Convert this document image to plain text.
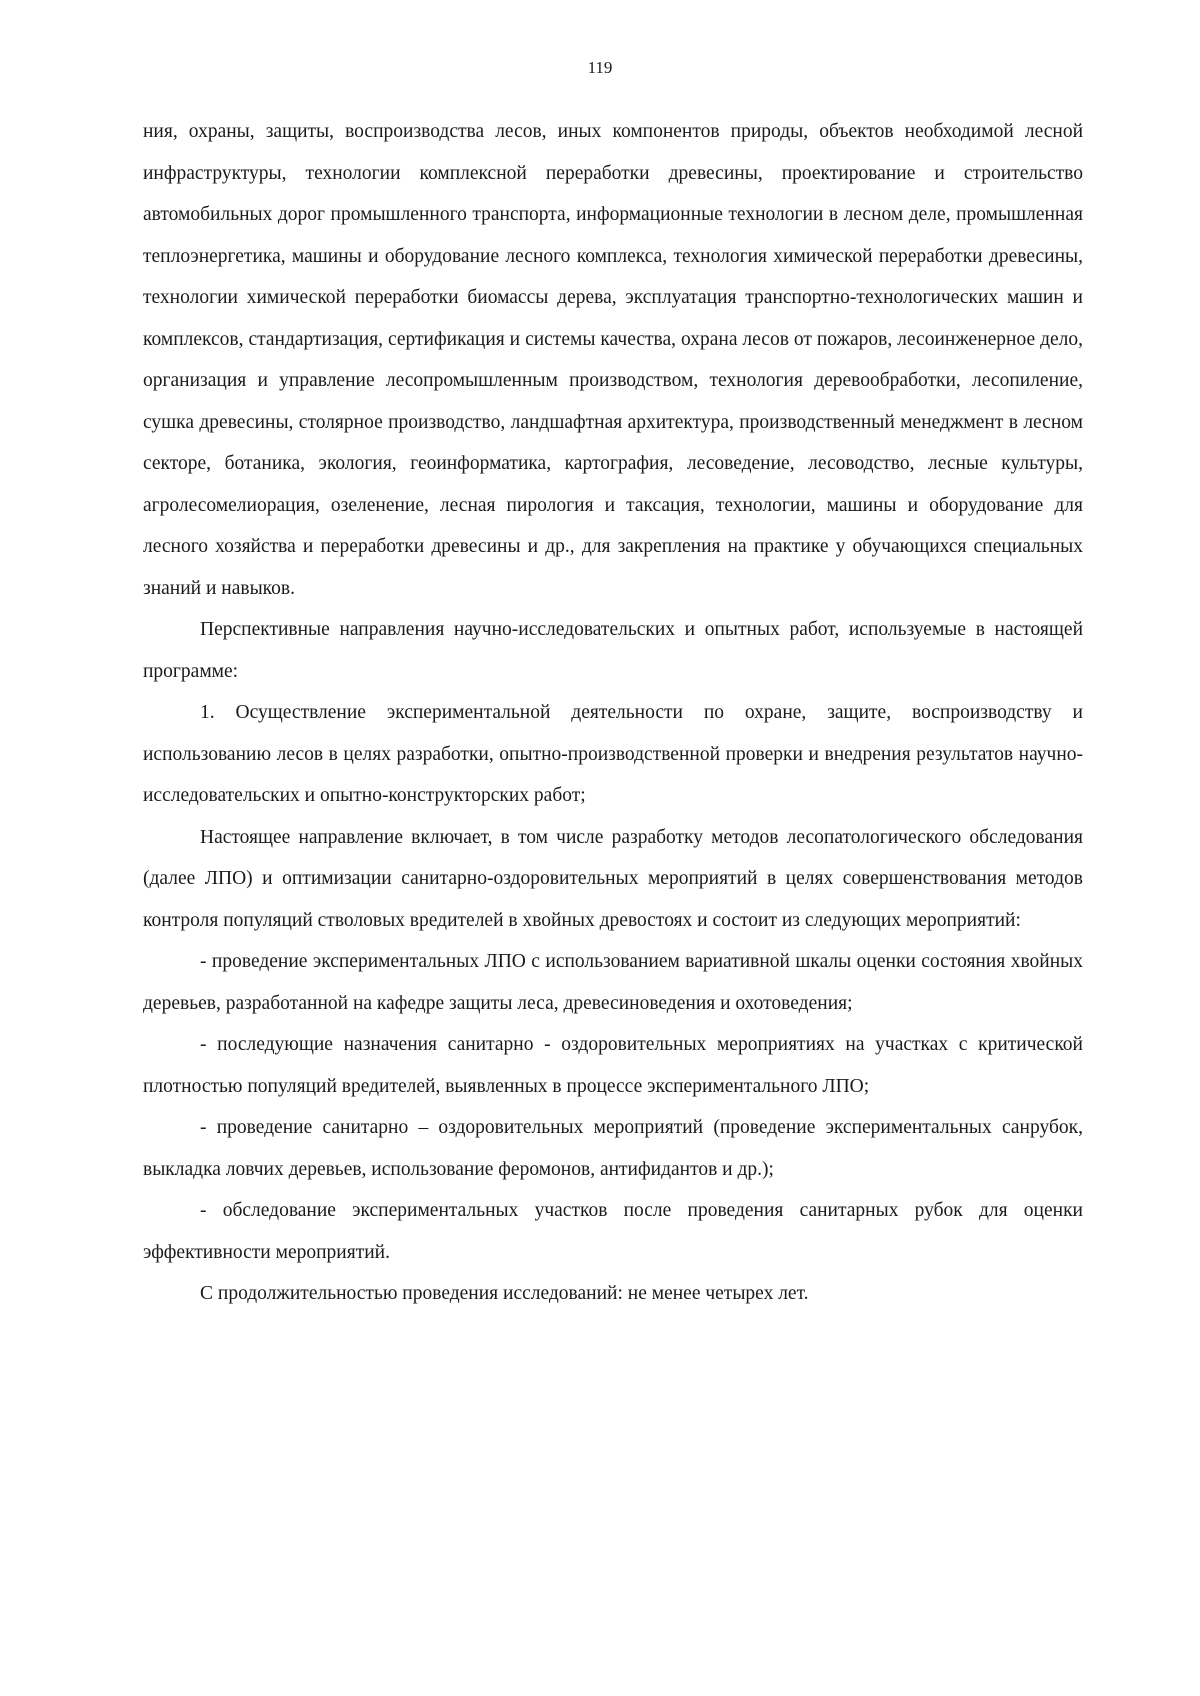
119

ния, охраны, защиты, воспроизводства лесов, иных компонентов природы, объектов необходимой лесной инфраструктуры, технологии комплексной переработки древесины, проектирование и строительство автомобильных дорог промышленного транспорта, информационные технологии в лесном деле, промышленная теплоэнергетика, машины и оборудование лесного комплекса, технология химической переработки древесины, технологии химической переработки биомассы дерева, эксплуатация транспортно-технологических машин и комплексов, стандартизация, сертификация и системы качества, охрана лесов от пожаров, лесоинженерное дело, организация и управление лесопромышленным производством, технология деревообработки, лесопиление, сушка древесины, столярное производство, ландшафтная архитектура, производственный менеджмент в лесном секторе, ботаника, экология, геоинформатика, картография, лесоведение, лесоводство, лесные культуры, агролесомелиорация, озеленение, лесная пирология и таксация, технологии, машины и оборудование для лесного хозяйства и переработки древесины и др., для закрепления на практике у обучающихся специальных знаний и навыков.

Перспективные направления научно-исследовательских и опытных работ, используемые в настоящей программе:

1. Осуществление экспериментальной деятельности по охране, защите, воспроизводству и использованию лесов в целях разработки, опытно-производственной проверки и внедрения результатов научно-исследовательских и опытно-конструкторских работ;

Настоящее направление включает, в том числе разработку методов лесопатологического обследования (далее ЛПО) и оптимизации санитарно-оздоровительных мероприятий в целях совершенствования методов контроля популяций стволовых вредителей в хвойных древостоях и состоит из следующих мероприятий:

- проведение экспериментальных ЛПО с использованием вариативной шкалы оценки состояния хвойных деревьев, разработанной на кафедре защиты леса, древесиноведения и охотоведения;

- последующие назначения санитарно - оздоровительных мероприятиях на участках с критической плотностью популяций вредителей, выявленных в процессе экспериментального ЛПО;

- проведение санитарно – оздоровительных мероприятий (проведение экспериментальных санрубок, выкладка ловчих деревьев, использование феромонов, антифидантов и др.);

- обследование экспериментальных участков после проведения санитарных рубок для оценки эффективности мероприятий.

С продолжительностью проведения исследований: не менее четырех лет.
